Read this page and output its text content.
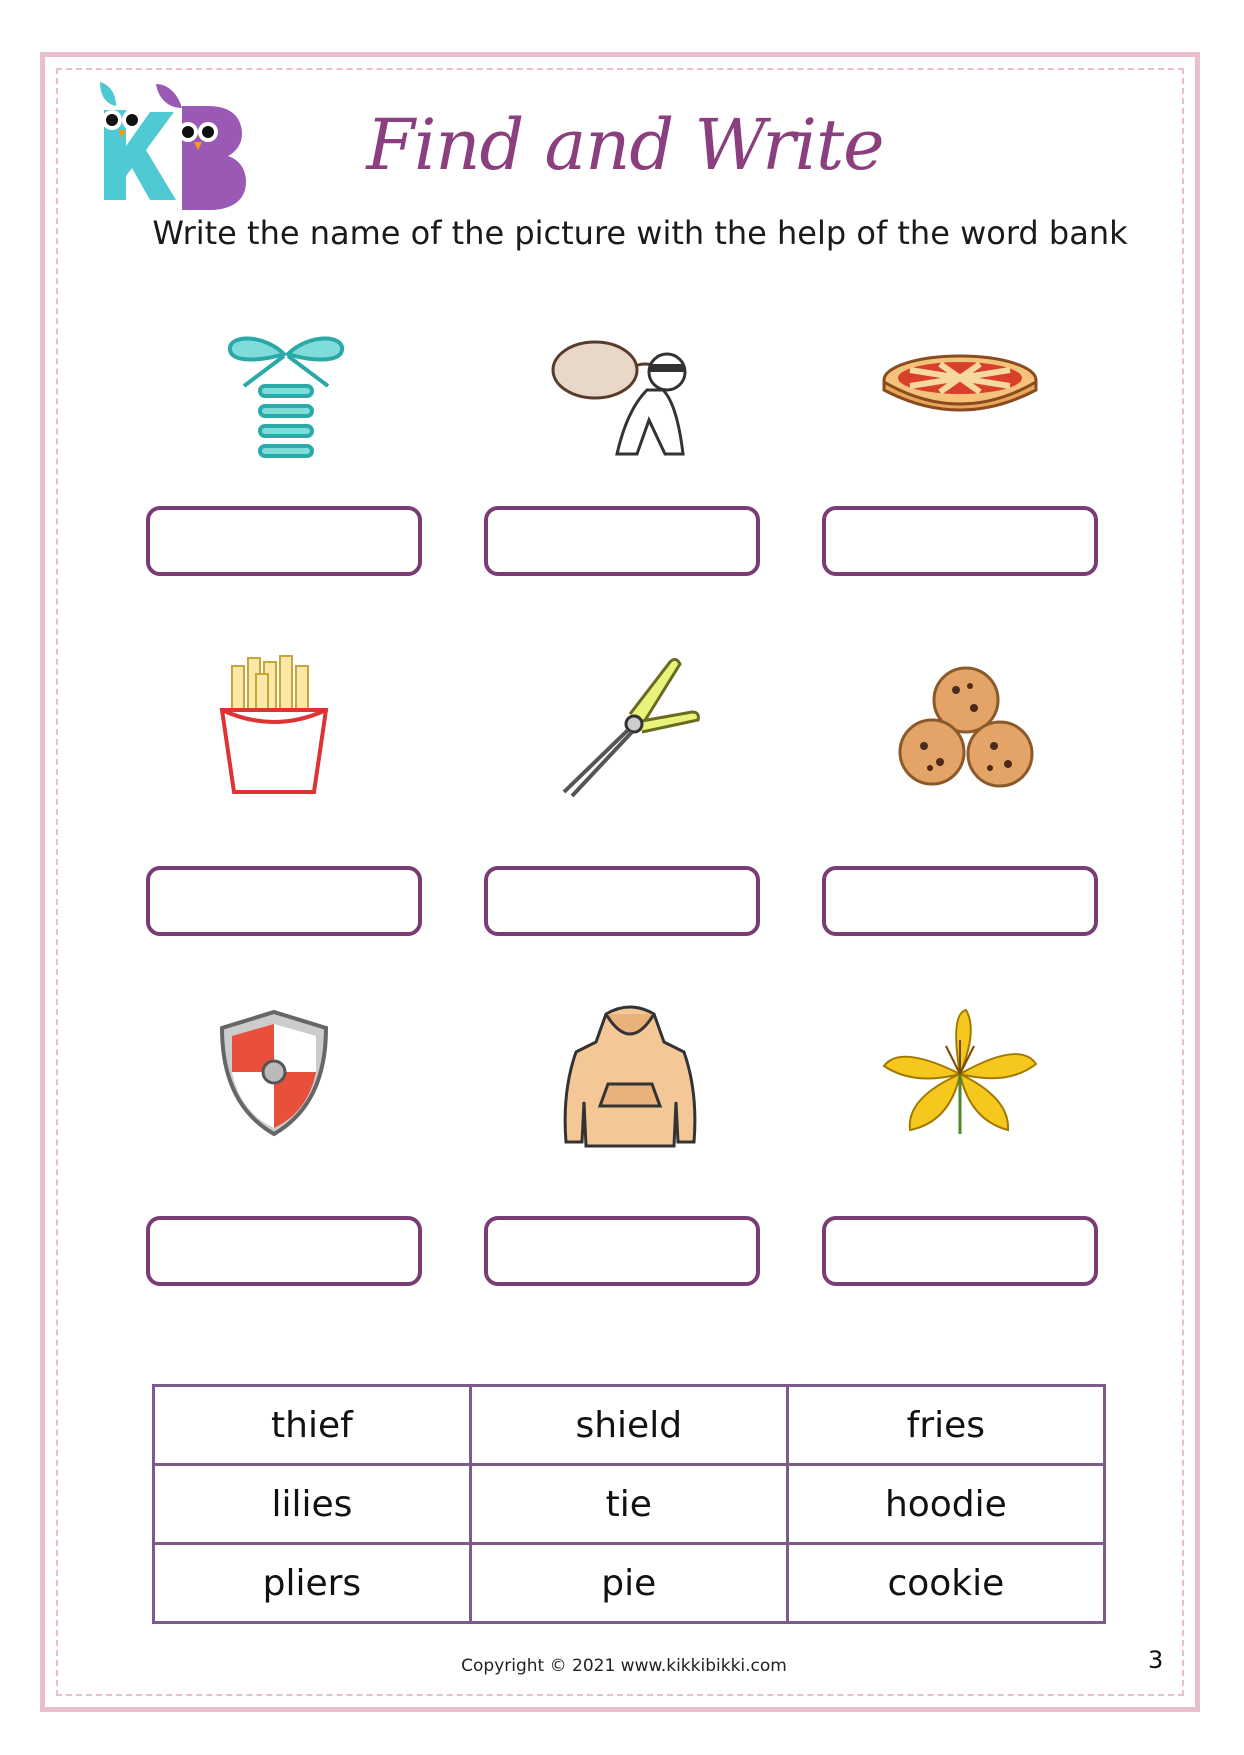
Find and Write
Write the name of the picture with the help of the word bank
thief	shield	fries
lilies	tie	hoodie
pliers	pie	cookie
Copyright © 2021 www.kikkibikki.com	3
